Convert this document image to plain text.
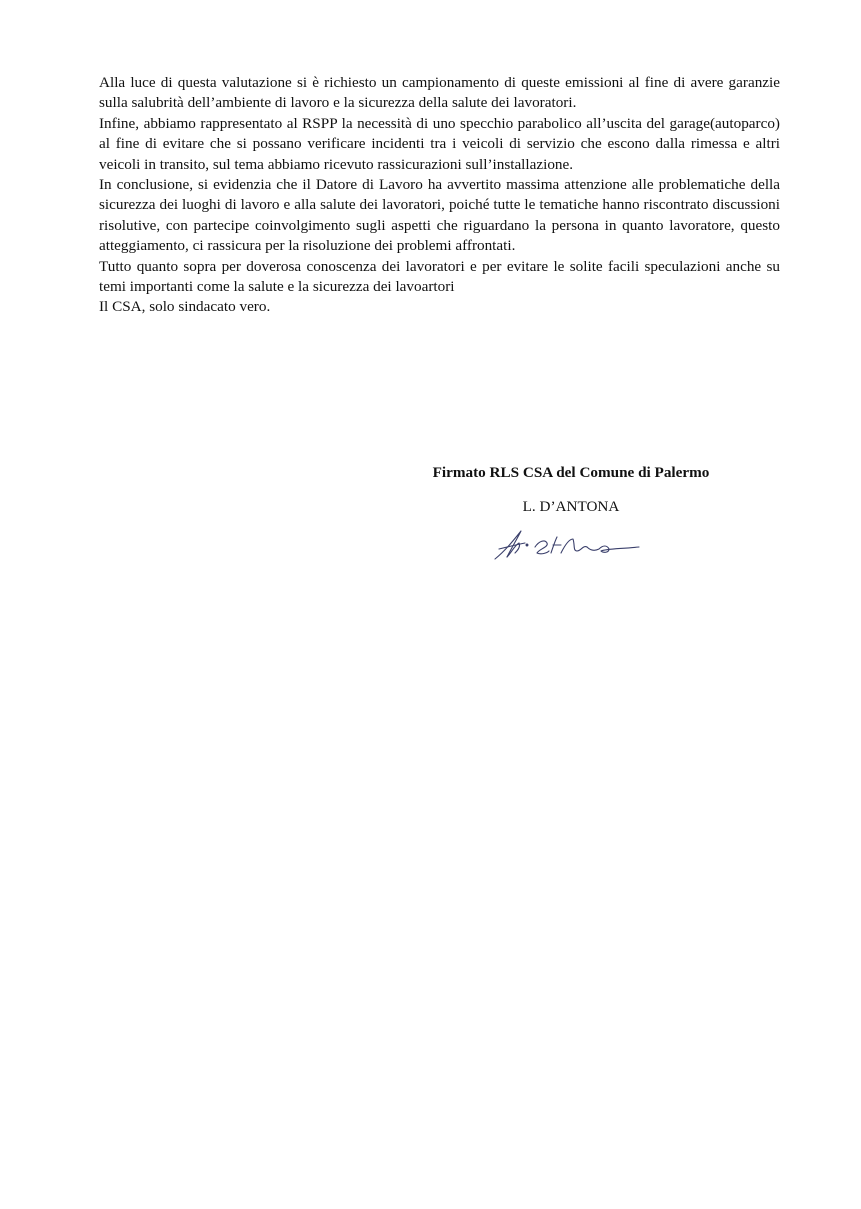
Alla luce di questa valutazione si è richiesto un campionamento di queste emissioni al fine di avere garanzie sulla salubrità dell’ambiente di lavoro e la sicurezza della salute dei lavoratori.

Infine, abbiamo rappresentato al RSPP la necessità di uno specchio parabolico all’uscita del garage(autoparco) al fine di evitare che si possano verificare incidenti tra i veicoli di servizio che escono dalla rimessa e altri veicoli in transito, sul tema abbiamo ricevuto rassicurazioni sull’installazione.

In conclusione, si evidenzia che il Datore di Lavoro ha avvertito massima attenzione alle problematiche della sicurezza dei luoghi di lavoro e alla salute dei lavoratori, poiché tutte le tematiche hanno riscontrato discussioni risolutive, con partecipe coinvolgimento sugli aspetti che riguardano la persona in quanto lavoratore, questo atteggiamento, ci rassicura per la risoluzione dei problemi affrontati.

Tutto quanto sopra per doverosa conoscenza dei lavoratori e per evitare le solite facili speculazioni anche su temi importanti come la salute e la sicurezza dei lavoartori

Il CSA, solo sindacato vero.

Firmato RLS CSA del Comune di Palermo

L. D’ANTONA
